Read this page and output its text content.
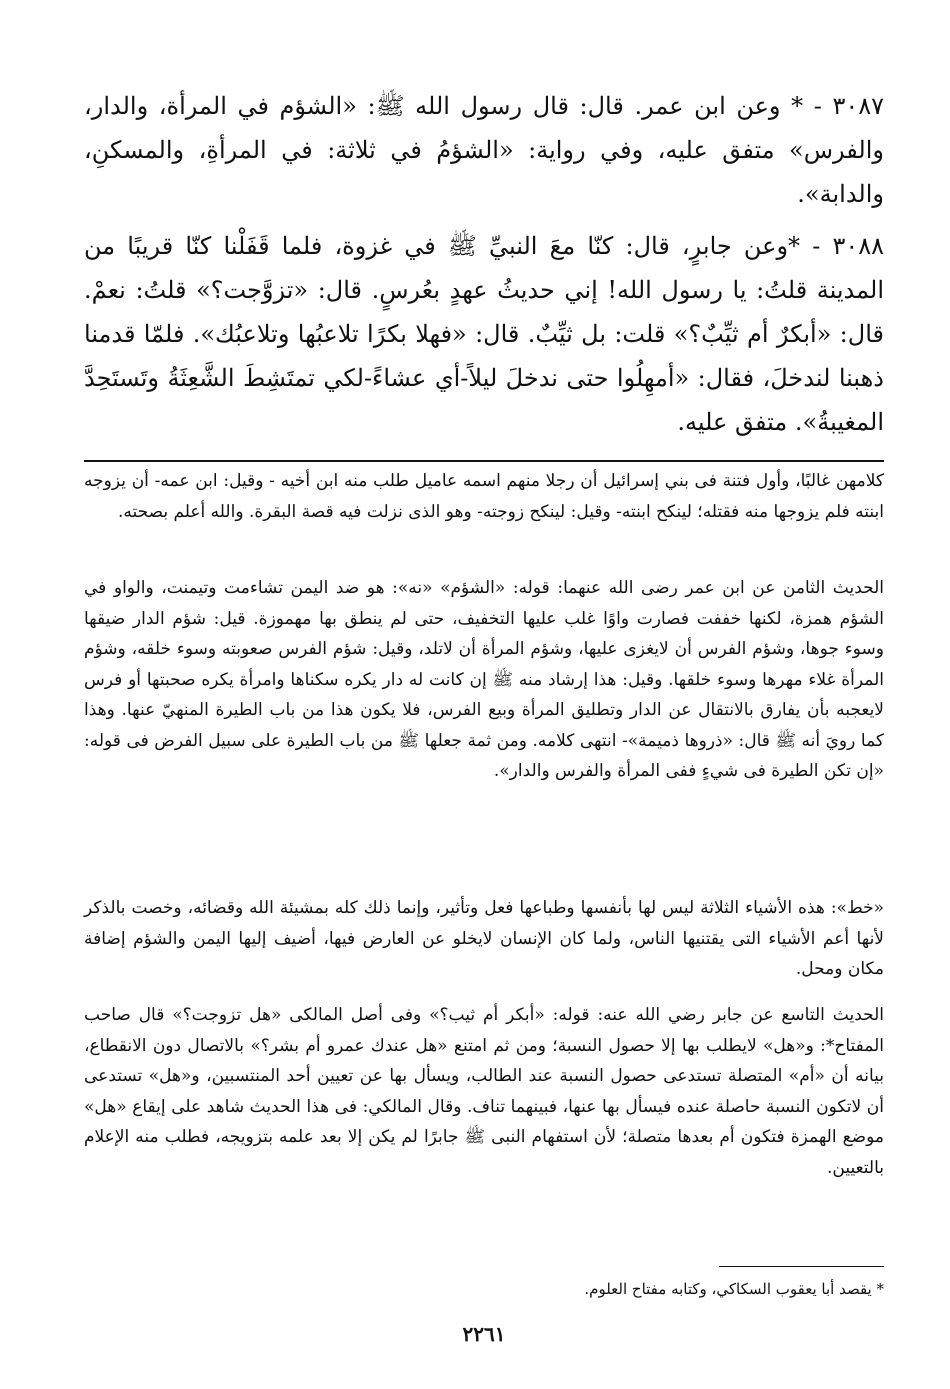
٣٠٨٧ - * وعن ابن عمر. قال: قال رسول الله ﷺ: «الشؤم في المرأة، والدار، والفرس» متفق عليه، وفي رواية: «الشؤمُ في ثلاثة: في المرأةِ، والمسكنِ، والدابة».

٣٠٨٨ - *وعن جابرٍ، قال: كنّا معَ النبيِّ ﷺ في غزوة، فلما قَفَلْنا كنّا قريبًا من المدينة قلتُ: يا رسول الله! إني حديثُ عهدٍ بعُرسٍ. قال: «تزوَّجت؟» قلتُ: نعمْ. قال: «أبكرٌ أم ثيِّبٌ؟» قلت: بل ثيِّبٌ. قال: «فهلا بكرًا تلاعبُها وتلاعبُك». فلمّا قدمنا ذهبنا لندخلَ، فقال: «أمهِلُوا حتى ندخلَ ليلاً-أي عشاءً-لكي تمتَشِطَ الشَّعِثَةُ وتَستَحِدَّ المغيبةُ». متفق عليه.

كلامهن غالبًا، وأول فتنة فى بني إسرائيل أن رجلا منهم اسمه عاميل طلب منه ابن أخيه - وقيل: ابن عمه- أن يزوجه ابنته فلم يزوجها منه فقتله؛ لينكح ابنته- وقيل: لينكح زوجته- وهو الذى نزلت فيه قصة البقرة. والله أعلم بصحته.

الحديث الثامن عن ابن عمر رضى الله عنهما: قوله: «الشؤم» «نه»: هو ضد اليمن تشاءمت وتيمنت، والواو في الشؤم همزة، لكنها خففت فصارت واوًا غلب عليها التخفيف، حتى لم ينطق بها مهموزة. قيل: شؤم الدار ضيقها وسوء جوها، وشؤم الفرس أن لايغزى عليها، وشؤم المرأة أن لاتلد، وقيل: شؤم الفرس صعوبته وسوء خلقه، وشؤم المرأة غلاء مهرها وسوء خلقها. وقيل: هذا إرشاد منه ﷺ إن كانت له دار يكره سكناها وامرأة يكره صحبتها أو فرس لايعجبه بأن يفارق بالانتقال عن الدار وتطليق المرأة وبيع الفرس، فلا يكون هذا من باب الطيرة المنهيّ عنها. وهذا كما رويَ أنه ﷺ قال: «ذروها ذميمة»- انتهى كلامه. ومن ثمة جعلها ﷺ من باب الطيرة على سبيل الفرض فى قوله: «إن تكن الطيرة فى شيءٍ ففى المرأة والفرس والدار».

«خط»: هذه الأشياء الثلاثة ليس لها بأنفسها وطباعها فعل وتأثير، وإنما ذلك كله بمشيئة الله وقضائه، وخصت بالذكر لأنها أعم الأشياء التى يقتنيها الناس، ولما كان الإنسان لايخلو عن العارض فيها، أضيف إليها اليمن والشؤم إضافة مكان ومحل.

الحديث التاسع عن جابر رضي الله عنه: قوله: «أبكر أم ثيب؟» وفى أصل المالكى «هل تزوجت؟» قال صاحب المفتاح*: و«هل» لايطلب بها إلا حصول النسبة؛ ومن ثم امتنع «هل عندك عمرو أم بشر؟» بالاتصال دون الانقطاع، بيانه أن «أم» المتصلة تستدعى حصول النسبة عند الطالب، ويسأل بها عن تعيين أحد المنتسبين، و«هل» تستدعى أن لاتكون النسبة حاصلة عنده فيسأل بها عنها، فبينهما تناف. وقال المالكي: فى هذا الحديث شاهد على إيقاع «هل» موضع الهمزة فتكون أم بعدها متصلة؛ لأن استفهام النبى ﷺ جابرًا لم يكن إلا بعد علمه بتزويجه، فطلب منه الإعلام بالتعيين.

* يقصد أبا يعقوب السكاكي، وكتابه مفتاح العلوم.

٢٢٦١
